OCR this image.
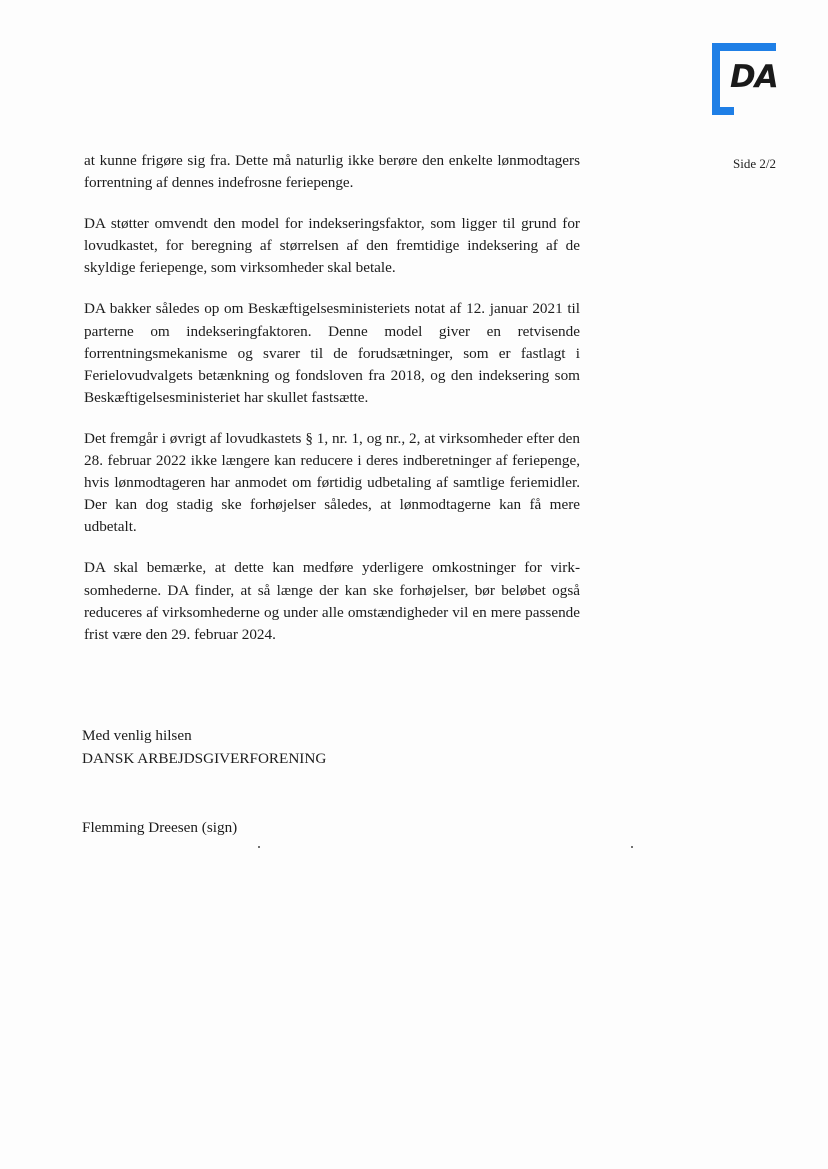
DA
Side 2/2

at kunne frigøre sig fra. Dette må naturlig ikke berøre den enkelte lønmodtagers forrentning af dennes indefrosne feriepenge.

DA støtter omvendt den model for indekseringsfaktor, som ligger til grund for lovudkastet, for beregning af størrelsen af den fremtidige indeksering af de skyldige feriepenge, som virksomheder skal betale.

DA bakker således op om Beskæftigelsesministeriets notat af 12. januar 2021 til parterne om indekseringfaktoren. Denne model giver en retvisende forrentningsmekanisme og svarer til de forudsætninger, som er fastlagt i Ferielovudvalgets betænkning og fondsloven fra 2018, og den indeksering som Beskæftigelsesministeriet har skullet fastsætte.

Det fremgår i øvrigt af lovudkastets § 1, nr. 1, og nr., 2, at virksomheder efter den 28. februar 2022 ikke længere kan reducere i deres indberetninger af feriepenge, hvis lønmodtageren har anmodet om førtidig udbetaling af samtlige feriemidler. Der kan dog stadig ske forhøjelser således, at lønmodtagerne kan få mere udbetalt.

DA skal bemærke, at dette kan medføre yderligere omkostninger for virksomhederne. DA finder, at så længe der kan ske forhøjelser, bør beløbet også reduceres af virksomhederne og under alle omstændigheder vil en mere passende frist være den 29. februar 2024.

Med venlig hilsen
DANSK ARBEJDSGIVERFORENING
Flemming Dreesen (sign)
